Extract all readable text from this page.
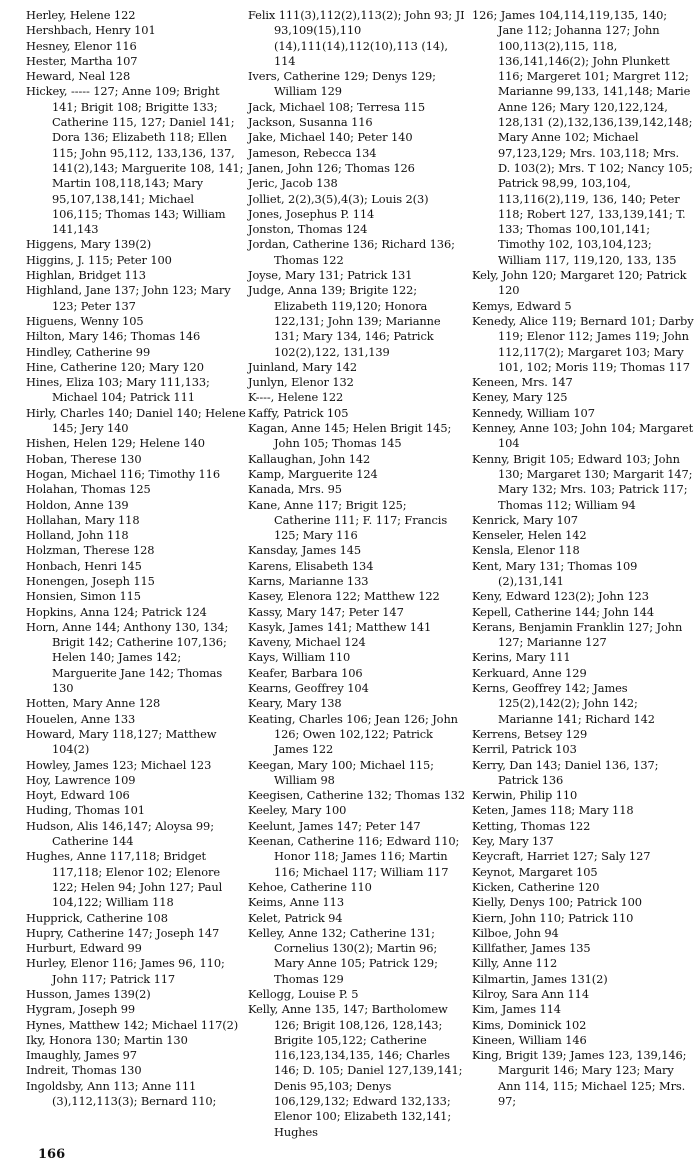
Herley, Helene 122

Hershbach, Henry 101

Hesney, Elenor 116

Hester, Martha 107

Heward, Neal 128

Hickey, ----- 127; Anne 109; Bright 141; Brigit 108; Brigitte 133; Catherine 115, 127; Daniel 141; Dora 136; Elizabeth 118; Ellen 115; John 95,112, 133,136, 137, 141(2),143; Marguerite 108, 141; Martin 108,118,143; Mary 95,107,138,141; Michael 106,115; Thomas 143; William 141,143

Higgens, Mary 139(2)

Higgins, J. 115; Peter 100

Highlan, Bridget 113

Highland, Jane 137; John 123; Mary 123; Peter 137

Higuens, Wenny 105

Hilton, Mary 146; Thomas 146

Hindley, Catherine 99

Hine, Catherine 120; Mary 120

Hines, Eliza 103; Mary 111,133; Michael 104; Patrick 111

Hirly, Charles 140; Daniel 140; Helene 145; Jery 140

Hishen, Helen 129; Helene 140

Hoban, Therese 130

Hogan, Michael 116; Timothy 116

Holahan, Thomas 125

Holdon, Anne 139

Hollahan, Mary 118

Holland, John 118

Holzman, Therese 128

Honbach, Henri 145

Honengen, Joseph 115

Honsien, Simon 115

Hopkins, Anna 124; Patrick 124

Horn, Anne 144; Anthony 130, 134; Brigit 142; Catherine 107,136; Helen 140; James 142; Marguerite Jane 142; Thomas 130

Hotten, Mary Anne 128

Houelen, Anne 133

Howard, Mary 118,127; Matthew 104(2)

Howley, James 123; Michael 123

Hoy, Lawrence 109

Hoyt, Edward 106

Huding, Thomas 101

Hudson, Alis 146,147; Aloysa 99; Catherine 144

Hughes, Anne 117,118; Bridget 117,118; Elenor 102; Elenore 122; Helen 94; John 127; Paul 104,122; William 118

Hupprick, Catherine 108

Hupry, Catherine 147; Joseph 147

Hurburt, Edward 99

Hurley, Elenor 116; James 96, 110; John 117; Patrick 117

Husson, James 139(2)

Hygram, Joseph 99

Hynes, Matthew 142; Michael 117(2)

Iky, Honora 130; Martin 130

Imaughly, James 97

Indreit, Thomas 130

Ingoldsby, Ann 113; Anne 111 (3),112,113(3); Bernard 110;

Felix 111(3),112(2),113(2); John 93; JI 93,109(15),110 (14),111(14),112(10),113 (14), 114

Ivers, Catherine 129; Denys 129; William 129

Jack, Michael 108; Terresa 115

Jackson, Susanna 116

Jake, Michael 140; Peter 140

Jameson, Rebecca 134

Janen, John 126; Thomas 126

Jeric, Jacob 138

Jolliet, 2(2),3(5),4(3); Louis 2(3)

Jones, Josephus P. 114

Jonston, Thomas 124

Jordan, Catherine 136; Richard 136; Thomas 122

Joyse, Mary 131; Patrick 131

Judge, Anna 139; Brigite 122; Elizabeth 119,120; Honora 122,131; John 139; Marianne 131; Mary 134, 146; Patrick 102(2),122, 131,139

Juinland, Mary 142

Junlyn, Elenor 132

K----, Helene 122

Kaffy, Patrick 105

Kagan, Anne 145; Helen Brigit 145; John 105; Thomas 145

Kallaughan, John 142

Kamp, Marguerite 124

Kanada, Mrs. 95

Kane, Anne 117; Brigit 125; Catherine 111; F. 117; Francis 125; Mary 116

Kansday, James 145

Karens, Elisabeth 134

Karns, Marianne 133

Kasey, Elenora 122; Matthew 122

Kassy, Mary 147; Peter 147

Kasyk, James 141; Matthew 141

Kaveny, Michael 124

Kays, William 110

Keafer, Barbara 106

Kearns, Geoffrey 104

Keary, Mary 138

Keating, Charles 106; Jean 126; John 126; Owen 102,122; Patrick James 122

Keegan, Mary 100; Michael 115; William 98

Keegisen, Catherine 132; Thomas 132

Keeley, Mary 100

Keelunt, James 147; Peter 147

Keenan, Catherine 116; Edward 110; Honor 118; James 116; Martin 116; Michael 117; William 117

Kehoe, Catherine 110

Keims, Anne 113

Kelet, Patrick 94

Kelley, Anne 132; Catherine 131; Cornelius 130(2); Martin 96; Mary Anne 105; Patrick 129; Thomas 129

Kellogg, Louise P. 5

Kelly, Anne 135, 147; Bartholomew 126; Brigit 108,126, 128,143; Brigite 105,122; Catherine 116,123,134,135, 146; Charles 146; D. 105; Daniel 127,139,141; Denis 95,103; Denys 106,129,132; Edward 132,133; Elenor 100; Elizabeth 132,141; Hughes

126; James 104,114,119,135, 140; Jane 112; Johanna 127; John 100,113(2),115, 118, 136,141,146(2); John Plunkett 116; Margeret 101; Margret 112; Marianne 99,133, 141,148; Marie Anne 126; Mary 120,122,124, 128,131 (2),132,136,139,142,148; Mary Anne 102; Michael 97,123,129; Mrs. 103,118; Mrs. D. 103(2); Mrs. T 102; Nancy 105; Patrick 98,99, 103,104, 113,116(2),119, 136, 140; Peter 118; Robert 127, 133,139,141; T. 133; Thomas 100,101,141; Timothy 102, 103,104,123; William 117, 119,120, 133, 135

Kely, John 120; Margaret 120; Patrick 120

Kemys, Edward 5

Kenedy, Alice 119; Bernard 101; Darby 119; Elenor 112; James 119; John 112,117(2); Margaret 103; Mary 101, 102; Moris 119; Thomas 117

Keneen, Mrs. 147

Keney, Mary 125

Kennedy, William 107

Kenney, Anne 103; John 104; Margaret 104

Kenny, Brigit 105; Edward 103; John 130; Margaret 130; Margarit 147; Mary 132; Mrs. 103; Patrick 117; Thomas 112; William 94

Kenrick, Mary 107

Kenseler, Helen 142

Kensla, Elenor 118

Kent, Mary 131; Thomas 109 (2),131,141

Keny, Edward 123(2); John 123

Kepell, Catherine 144; John 144

Kerans, Benjamin Franklin 127; John 127; Marianne 127

Kerins, Mary 111

Kerkuard, Anne 129

Kerns, Geoffrey 142; James 125(2),142(2); John 142; Marianne 141; Richard 142

Kerrens, Betsey 129

Kerril, Patrick 103

Kerry, Dan 143; Daniel 136, 137; Patrick 136

Kerwin, Philip 110

Keten, James 118; Mary 118

Ketting, Thomas 122

Key, Mary 137

Keycraft, Harriet 127; Saly 127

Keynot, Margaret 105

Kicken, Catherine 120

Kielly, Denys 100; Patrick 100

Kiern, John 110; Patrick 110

Kilboe, John 94

Killfather, James 135

Killy, Anne 112

Kilmartin, James 131(2)

Kilroy, Sara Ann 114

Kim, James 114

Kims, Dominick 102

Kineen, William 146

King, Brigit 139; James 123, 139,146; Margurit 146; Mary 123; Mary Ann 114, 115; Michael 125; Mrs. 97;

166
